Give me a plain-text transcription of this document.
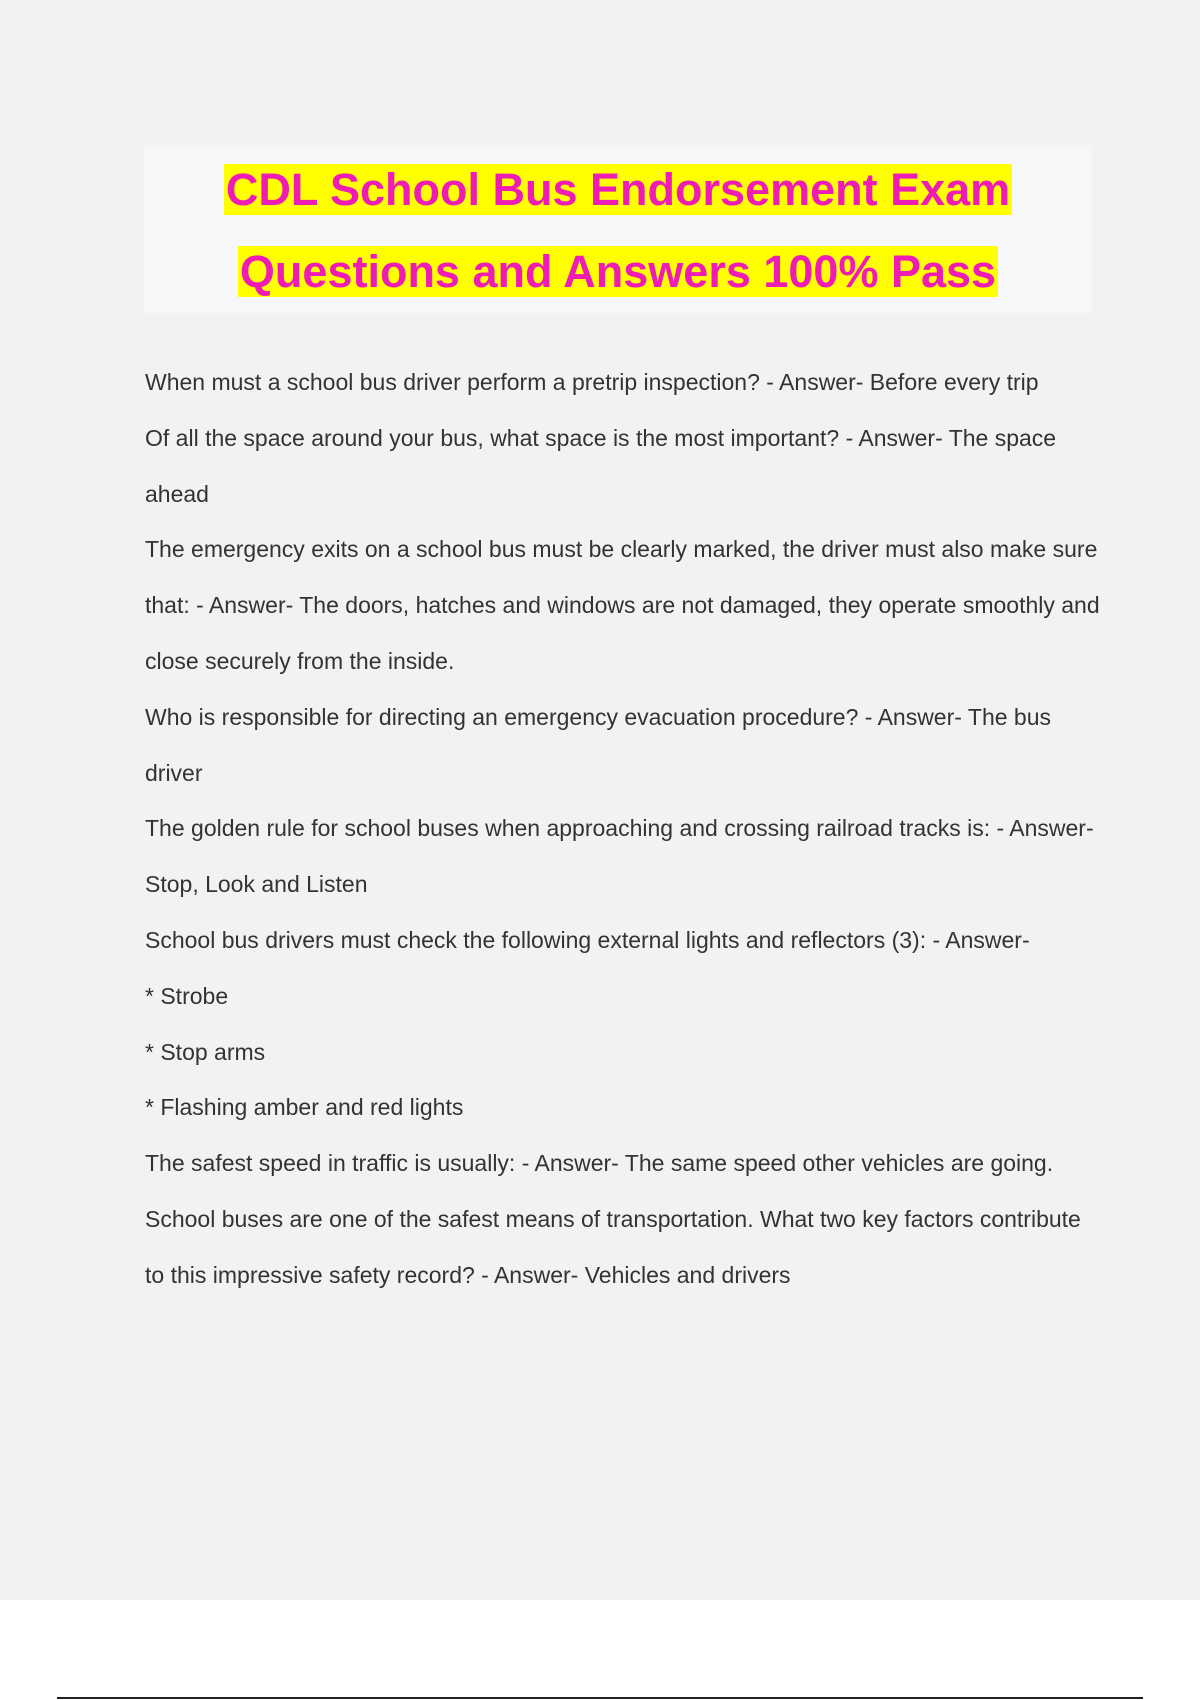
CDL School Bus Endorsement Exam
Questions and Answers 100% Pass

When must a school bus driver perform a pretrip inspection? - Answer- Before every trip

Of all the space around your bus, what space is the most important? - Answer- The space ahead

The emergency exits on a school bus must be clearly marked, the driver must also make sure that: - Answer- The doors, hatches and windows are not damaged, they operate smoothly and close securely from the inside.

Who is responsible for directing an emergency evacuation procedure? - Answer- The bus driver

The golden rule for school buses when approaching and crossing railroad tracks is: - Answer- Stop, Look and Listen

School bus drivers must check the following external lights and reflectors (3): - Answer-

* Strobe

* Stop arms

* Flashing amber and red lights

The safest speed in traffic is usually: - Answer- The same speed other vehicles are going.

School buses are one of the safest means of transportation. What two key factors contribute to this impressive safety record? - Answer- Vehicles and drivers
